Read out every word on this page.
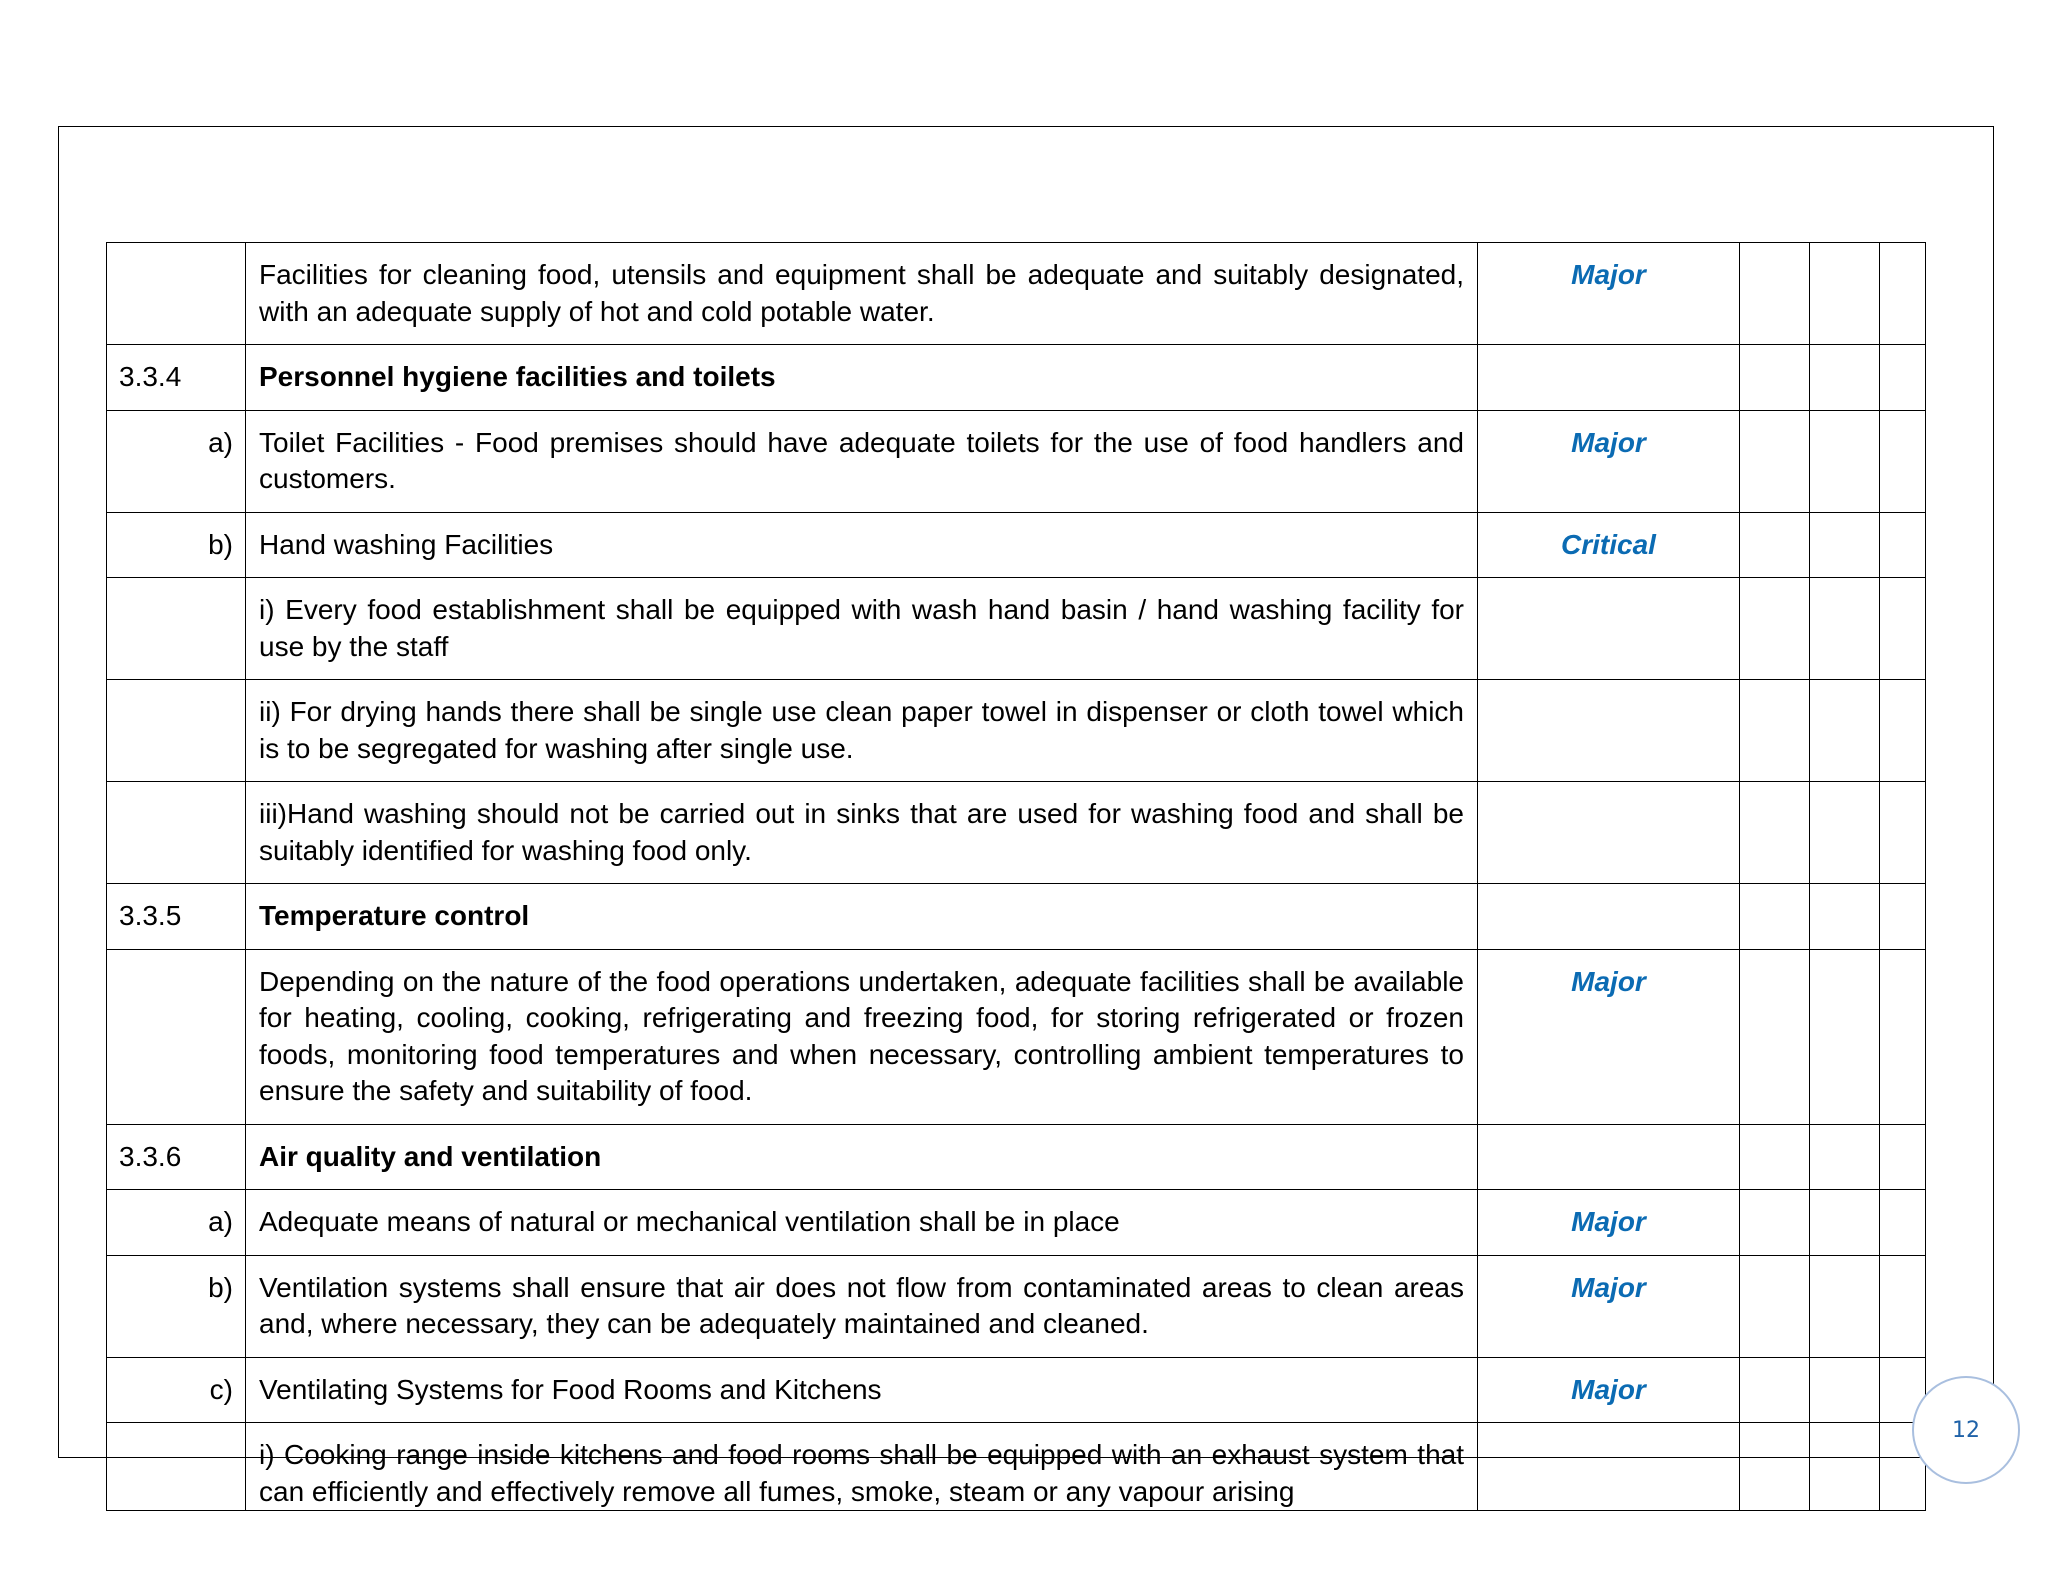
	Facilities for cleaning food, utensils and equipment shall be adequate and suitably designated, with an adequate supply of hot and cold potable water.	Major			
3.3.4	Personnel hygiene facilities and toilets				
a)	Toilet Facilities - Food premises should have adequate toilets for the use of food handlers and customers.	Major			
b)	Hand washing Facilities	Critical			
	i) Every food establishment shall be equipped with wash hand basin / hand washing facility for use by the staff				
	ii) For drying hands there shall be single use clean paper towel in dispenser or cloth towel which is to be segregated for washing after single use.				
	iii)Hand washing should not be carried out in sinks that are used for washing food and shall be suitably identified for washing food only.				
3.3.5	Temperature control				
	Depending on the nature of the food operations undertaken, adequate facilities shall be available for heating, cooling, cooking, refrigerating and freezing food, for storing refrigerated or frozen foods, monitoring food temperatures and when necessary, controlling ambient temperatures to ensure the safety and suitability of food.	Major			
3.3.6	Air quality and ventilation				
a)	Adequate means of natural or mechanical ventilation shall be in place	Major			
b)	Ventilation systems shall ensure that air does not flow from contaminated areas to clean areas and, where necessary, they can be adequately maintained and cleaned.	Major			
c)	Ventilating Systems for Food Rooms and Kitchens	Major			
	i) Cooking range inside kitchens and food rooms shall be equipped with an exhaust system that can efficiently and effectively remove all fumes, smoke, steam or any vapour arising				
12
